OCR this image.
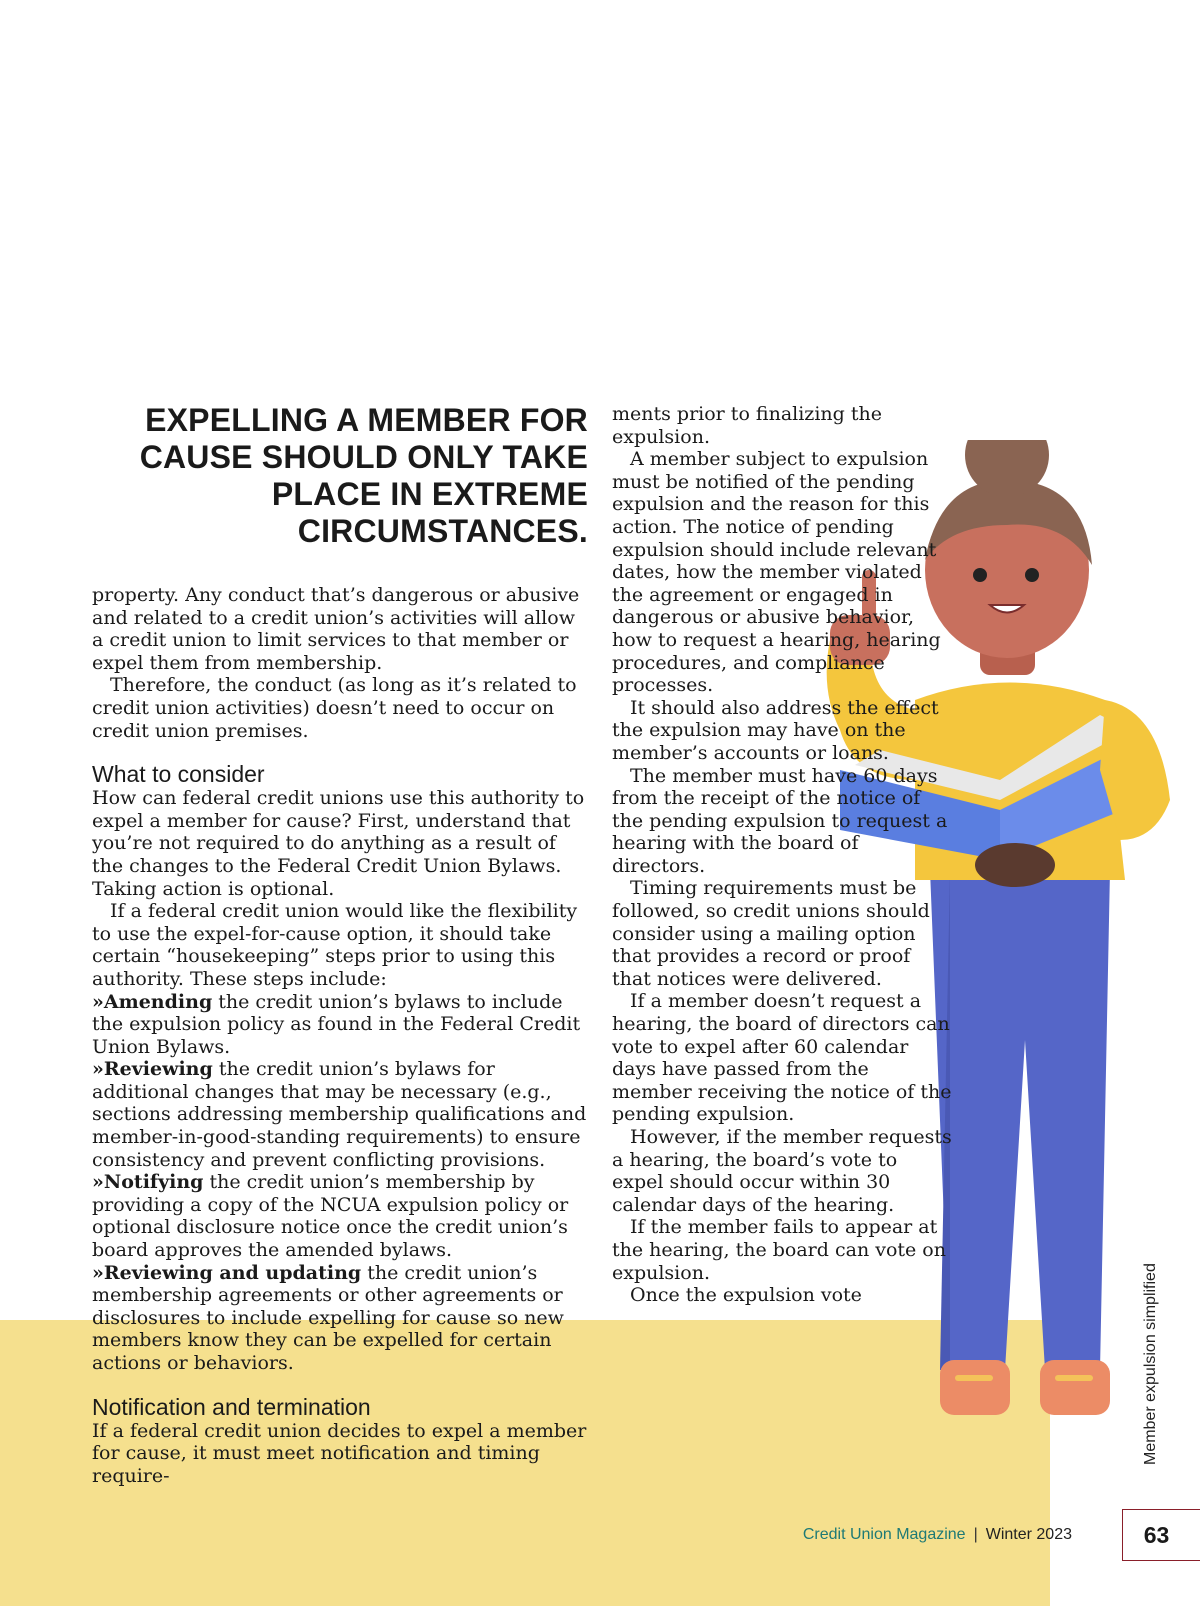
EXPELLING A MEMBER FOR CAUSE SHOULD ONLY TAKE PLACE IN EXTREME CIRCUMSTANCES.

property. Any conduct that’s dangerous or abusive and related to a credit union’s activities will allow a credit union to limit services to that member or expel them from membership.

Therefore, the conduct (as long as it’s related to credit union activities) doesn’t need to occur on credit union premises.

What to consider

How can federal credit unions use this authority to expel a member for cause? First, understand that you’re not required to do anything as a result of the changes to the Federal Credit Union Bylaws. Taking action is optional.

If a federal credit union would like the flexibility to use the expel-for-cause option, it should take certain “housekeeping” steps prior to using this authority. These steps include:

»Amending the credit union’s bylaws to include the expulsion policy as found in the Federal Credit Union Bylaws.

»Reviewing the credit union’s bylaws for additional changes that may be necessary (e.g., sections addressing membership qualifications and member-in-good-standing requirements) to ensure consistency and prevent conflicting provisions.

»Notifying the credit union’s membership by providing a copy of the NCUA expulsion policy or optional disclosure notice once the credit union’s board approves the amended bylaws.

»Reviewing and updating the credit union’s membership agreements or other agreements or disclosures to include expelling for cause so new members know they can be expelled for certain actions or behaviors.

Notification and termination

If a federal credit union decides to expel a member for cause, it must meet notification and timing require-

ments prior to finalizing the expulsion.

A member subject to expulsion must be notified of the pending expulsion and the reason for this action. The notice of pending expulsion should include relevant dates, how the member violated the agreement or engaged in dangerous or abusive behavior, how to request a hearing, hearing procedures, and compliance processes.

It should also address the effect the expulsion may have on the member’s accounts or loans.

The member must have 60 days from the receipt of the notice of the pending expulsion to request a hearing with the board of directors.

Timing requirements must be followed, so credit unions should consider using a mailing option that provides a record or proof that notices were delivered.

If a member doesn’t request a hearing, the board of directors can vote to expel after 60 calendar days have passed from the member receiving the notice of the pending expulsion.

However, if the member requests a hearing, the board’s vote to expel should occur within 30 calendar days of the hearing.

If the member fails to appear at the hearing, the board can vote on expulsion.

Once the expulsion vote	Member expulsion simplified
Credit Union Magazine | Winter 2023	63
